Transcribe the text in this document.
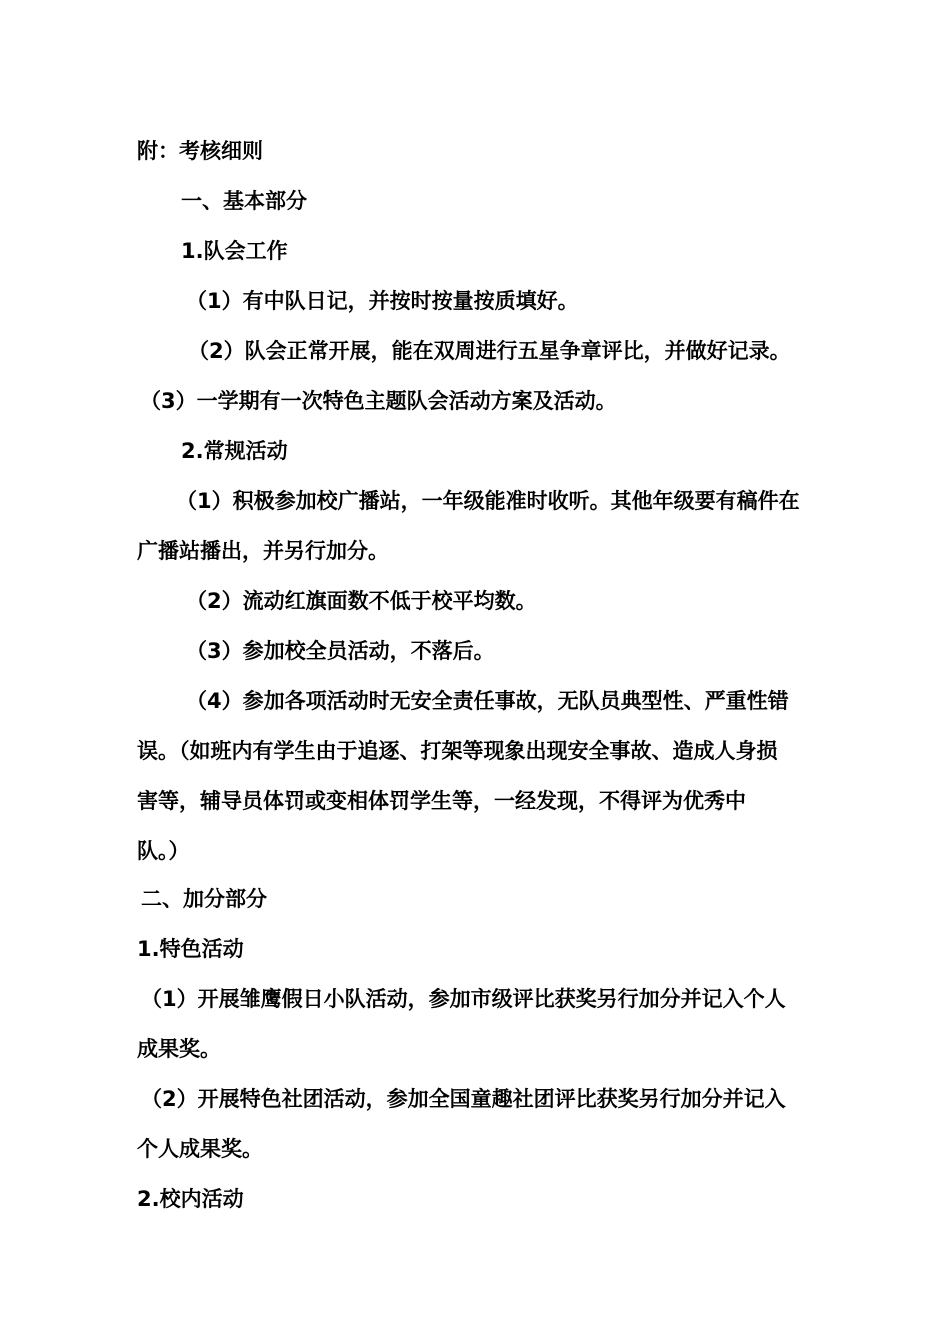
附：考核细则

一、基本部分

1.队会工作

（1）有中队日记，并按时按量按质填好。

（2）队会正常开展，能在双周进行五星争章评比，并做好记录。

（3）一学期有一次特色主题队会活动方案及活动。

2.常规活动

（1）积极参加校广播站，一年级能准时收听。其他年级要有稿件在

广播站播出，并另行加分。

（2）流动红旗面数不低于校平均数。

（3）参加校全员活动，不落后。

（4）参加各项活动时无安全责任事故，无队员典型性、严重性错

误。（如班内有学生由于追逐、打架等现象出现安全事故、造成人身损

害等，辅导员体罚或变相体罚学生等，一经发现，不得评为优秀中

队。）

二、加分部分

1.特色活动

（1）开展雏鹰假日小队活动，参加市级评比获奖另行加分并记入个人

成果奖。

（2）开展特色社团活动，参加全国童趣社团评比获奖另行加分并记入

个人成果奖。

2.校内活动
